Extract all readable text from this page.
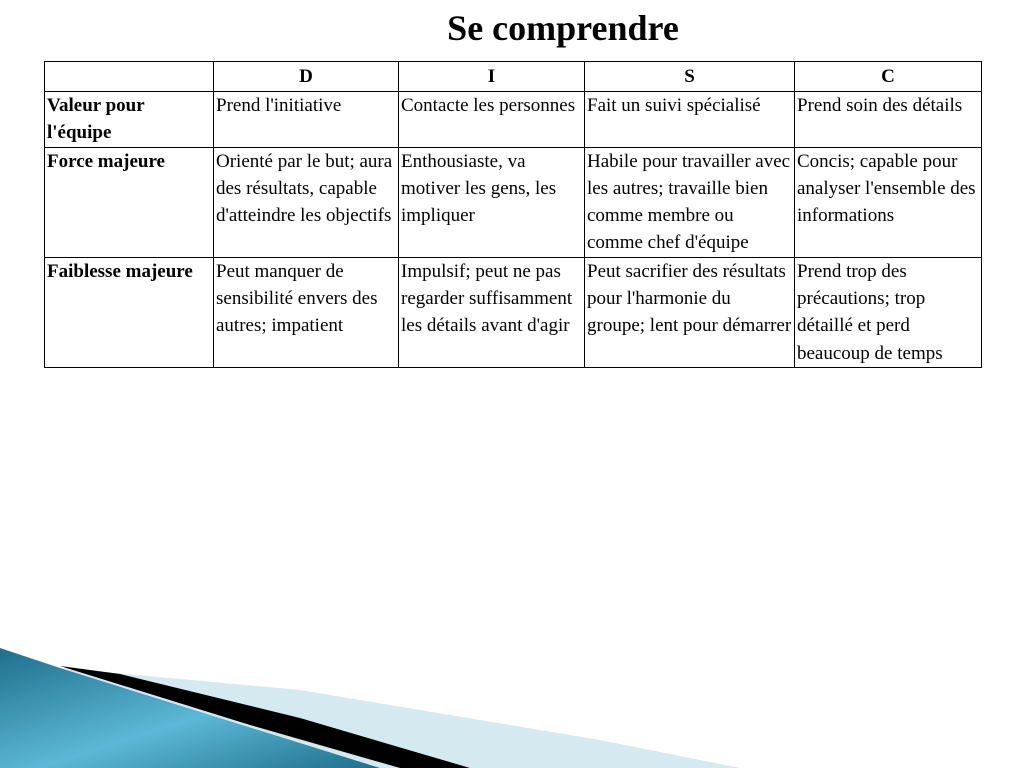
Se comprendre
	D	I	S	C
Valeur pour l'équipe	Prend l'initiative	Contacte les personnes	Fait un suivi spécialisé	Prend soin des détails
Force majeure	Orienté par le but; aura des résultats, capable d'atteindre les objectifs	Enthousiaste, va motiver les gens, les impliquer	Habile pour travailler avec les autres; travaille bien comme membre ou comme chef d'équipe	Concis; capable pour analyser l'ensemble des informations
Faiblesse majeure	Peut manquer de sensibilité envers des autres; impatient	Impulsif; peut ne pas regarder suffisamment les détails avant d'agir	Peut sacrifier des résultats pour l'harmonie du groupe; lent pour démarrer	Prend trop des précautions; trop détaillé et perd beaucoup de temps
